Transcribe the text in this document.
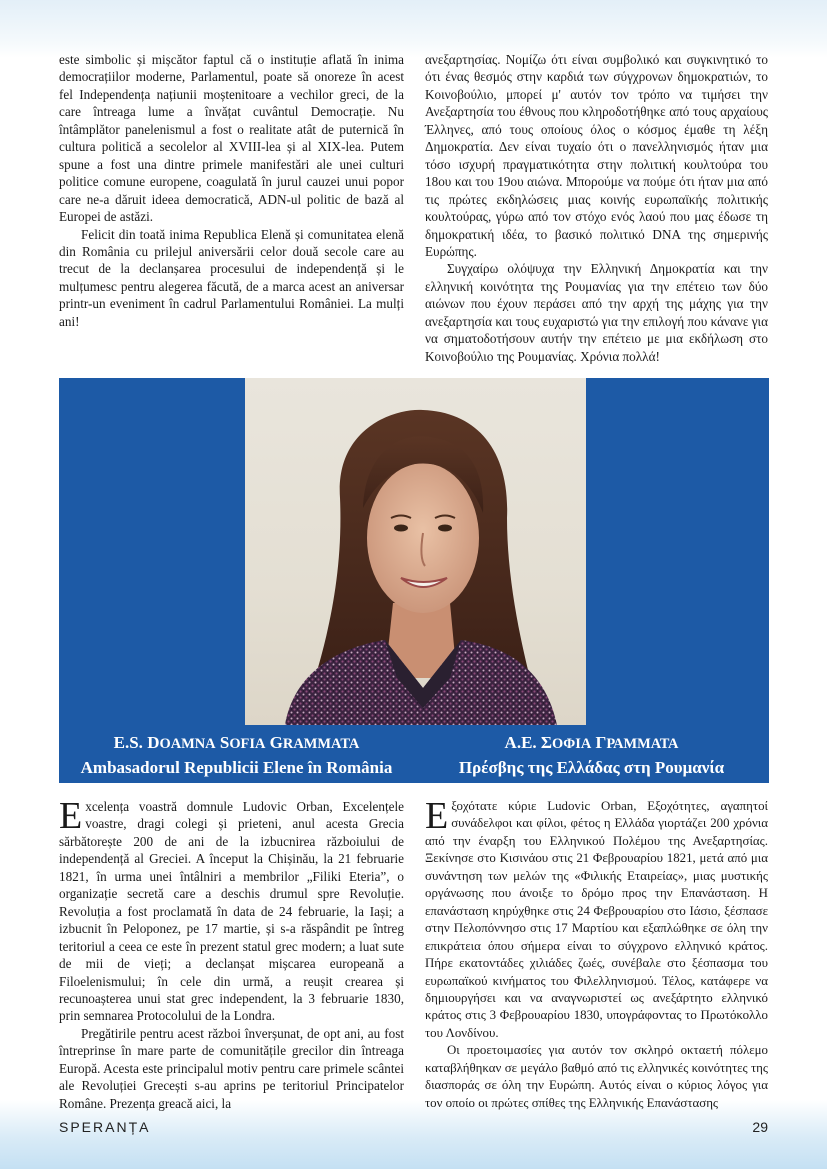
este simbolic și mișcător faptul că o instituție aflată în inima democrațiilor moderne, Parlamentul, poate să onoreze în acest fel Independența națiunii moștenitoare a vechilor greci, de la care întreaga lume a învățat cuvântul Democrație. Nu întâmplător panelenismul a fost o realitate atât de puternică în cultura politică a secolelor al XVIII-lea și al XIX-lea. Putem spune a fost una dintre primele manifestări ale unei culturi politice comune europene, coagulată în jurul cauzei unui popor care ne-a dăruit ideea democratică, ADN-ul politic de bază al Europei de astăzi.

Felicit din toată inima Republica Elenă și comunitatea elenă din România cu prilejul aniversării celor două secole care au trecut de la declanșarea procesului de independență și le mulțumesc pentru alegerea făcută, de a marca acest an aniversar printr-un eveniment în cadrul Parlamentului României. La mulți ani!

ανεξαρτησίας. Νομίζω ότι είναι συμβολικό και συγκινητικό το ότι ένας θεσμός στην καρδιά των σύγχρονων δημοκρατιών, το Κοινοβούλιο, μπορεί μ' αυτόν τον τρόπο να τιμήσει την Ανεξαρτησία του έθνους που κληροδοτήθηκε από τους αρχαίους Έλληνες, από τους οποίους όλος ο κόσμος έμαθε τη λέξη Δημοκρατία. Δεν είναι τυχαίο ότι ο πανελληνισμός ήταν μια τόσο ισχυρή πραγματικότητα στην πολιτική κουλτούρα του 18ου και του 19ου αιώνα. Μπορούμε να πούμε ότι ήταν μια από τις πρώτες εκδηλώσεις μιας κοινής ευρωπαϊκής πολιτικής κουλτούρας, γύρω από τον στόχο ενός λαού που μας έδωσε τη δημοκρατική ιδέα, το βασικό πολιτικό DNA της σημερινής Ευρώπης.

Συγχαίρω ολόψυχα την Ελληνική Δημοκρατία και την ελληνική κοινότητα της Ρουμανίας για την επέτειο των δύο αιώνων που έχουν περάσει από την αρχή της μάχης για την ανεξαρτησία και τους ευχαριστώ για την επιλογή που κάνανε για να σηματοδοτήσουν αυτήν την επέτειο με μια εκδήλωση στο Κοινοβούλιο της Ρουμανίας. Χρόνια πολλά!

E.S. DOAMNA SOFIA GRAMMATA
Ambasadorul Republicii Elene în România
Α.Ε. ΣΟΦΙΑ ΓΡΑΜΜΑΤΑ
Πρέσβης της Ελλάδας στη Ρουμανία

Excelența voastră domnule Ludovic Orban, Excelențele voastre, dragi colegi și prieteni, anul acesta Grecia sărbătorește 200 de ani de la izbucnirea războiului de independență al Greciei. A început la Chișinău, la 21 februarie 1821, în urma unei întâlniri a membrilor „Filiki Eteria”, o organizație secretă care a deschis drumul spre Revoluție. Revoluția a fost proclamată în data de 24 februarie, la Iași; a izbucnit în Peloponez, pe 17 martie, și s-a răspândit pe întreg teritoriul a ceea ce este în prezent statul grec modern; a luat sute de mii de vieți; a declanșat mișcarea europeană a Filoelenismului; în cele din urmă, a reușit crearea și recunoașterea unui stat grec independent, la 3 februarie 1830, prin semnarea Protocolului de la Londra.

Pregătirile pentru acest război înverșunat, de opt ani, au fost întreprinse în mare parte de comunitățile grecilor din întreaga Europă. Acesta este principalul motiv pentru care primele scântei ale Revoluției Grecești s-au aprins pe teritoriul Principatelor Române. Prezența greacă aici, la

Εξοχότατε κύριε Ludovic Orban, Εξοχότητες, αγαπητοί συνάδελφοι και φίλοι, φέτος η Ελλάδα γιορτάζει 200 χρόνια από την έναρξη του Ελληνικού Πολέμου της Ανεξαρτησίας. Ξεκίνησε στο Κισινάου στις 21 Φεβρουαρίου 1821, μετά από μια συνάντηση των μελών της «Φιλικής Εταιρείας», μιας μυστικής οργάνωσης που άνοιξε το δρόμο προς την Επανάσταση. Η επανάσταση κηρύχθηκε στις 24 Φεβρουαρίου στο Ιάσιο, ξέσπασε στην Πελοπόννησο στις 17 Μαρτίου και εξαπλώθηκε σε όλη την επικράτεια όπου σήμερα είναι το σύγχρονο ελληνικό κράτος. Πήρε εκατοντάδες χιλιάδες ζωές, συνέβαλε στο ξέσπασμα του ευρωπαϊκού κινήματος του Φιλελληνισμού. Τέλος, κατάφερε να δημιουργήσει και να αναγνωριστεί ως ανεξάρτητο ελληνικό κράτος στις 3 Φεβρουαρίου 1830, υπογράφοντας το Πρωτόκολλο του Λονδίνου.

Οι προετοιμασίες για αυτόν τον σκληρό οκταετή πόλεμο καταβλήθηκαν σε μεγάλο βαθμό από τις ελληνικές κοινότητες της διασποράς σε όλη την Ευρώπη. Αυτός είναι ο κύριος λόγος για τον οποίο οι πρώτες σπίθες της Ελληνικής Επανάστασης

SPERANȚA	29
